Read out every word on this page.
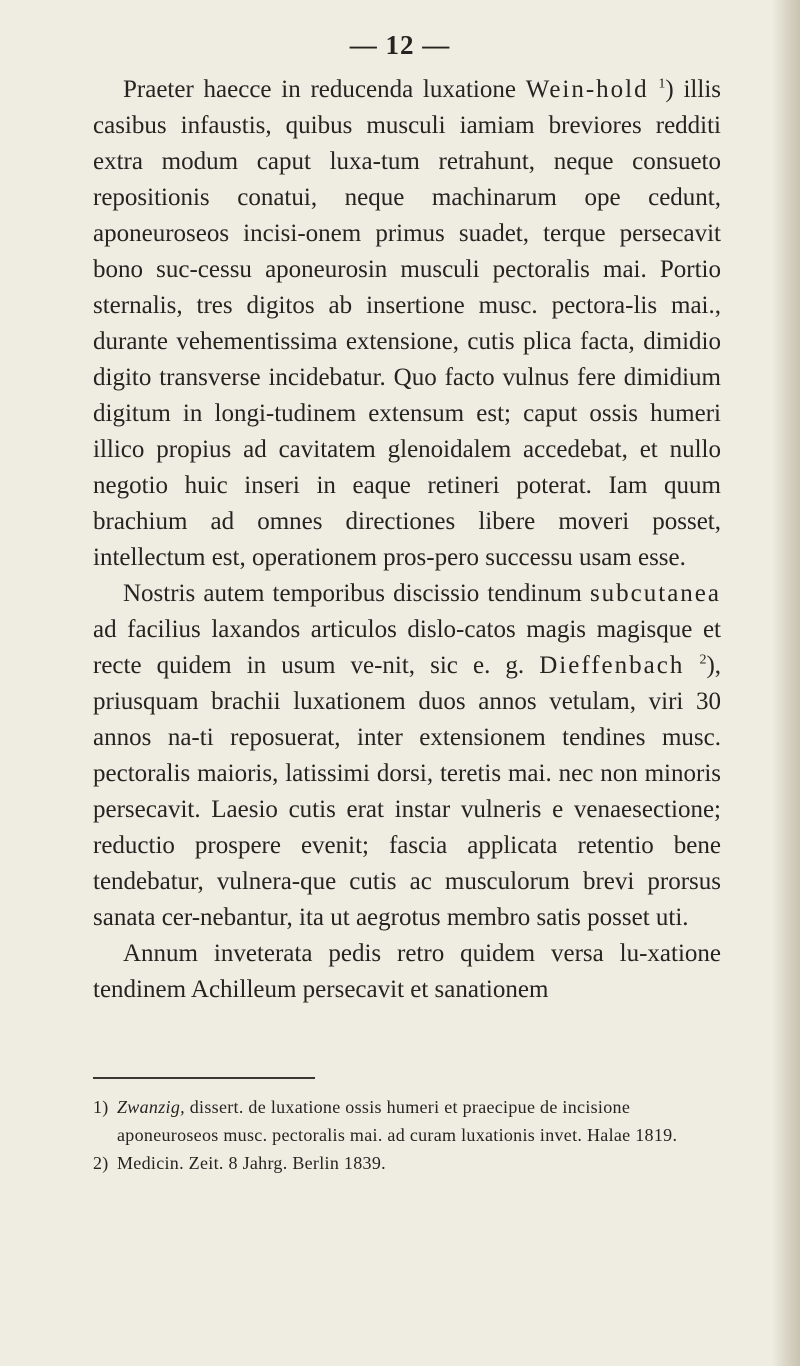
— 12 —

Praeter haecce in reducenda luxatione Wein-hold $^1$) illis casibus infaustis, quibus musculi iamiam breviores redditi extra modum caput luxa-tum retrahunt, neque consueto repositionis conatui, neque machinarum ope cedunt, aponeuroseos incisi-onem primus suadet, terque persecavit bono suc-cessu aponeurosin musculi pectoralis mai. Portio sternalis, tres digitos ab insertione musc. pectora-lis mai., durante vehementissima extensione, cutis plica facta, dimidio digito transverse incidebatur. Quo facto vulnus fere dimidium digitum in longi-tudinem extensum est; caput ossis humeri illico propius ad cavitatem glenoidalem accedebat, et nullo negotio huic inseri in eaque retineri poterat. Iam quum brachium ad omnes directiones libere moveri posset, intellectum est, operationem pros-pero successu usam esse.

Nostris autem temporibus discissio tendinum subcutanea ad facilius laxandos articulos dislo-catos magis magisque et recte quidem in usum ve-nit, sic e. g. Dieffenbach $^2$), priusquam brachii luxationem duos annos vetulam, viri 30 annos na-ti reposuerat, inter extensionem tendines musc. pectoralis maioris, latissimi dorsi, teretis mai. nec non minoris persecavit. Laesio cutis erat instar vulneris e venaesectione; reductio prospere evenit; fascia applicata retentio bene tendebatur, vulnera-que cutis ac musculorum brevi prorsus sanata cer-nebantur, ita ut aegrotus membro satis posset uti.

Annum inveterata pedis retro quidem versa lu-xatione tendinem Achilleum persecavit et sanationem

1) Zwanzig, dissert. de luxatione ossis humeri et praecipue de incisione aponeuroseos musc. pectoralis mai. ad curam luxationis invet. Halae 1819.
2) Medicin. Zeit. 8 Jahrg. Berlin 1839.
